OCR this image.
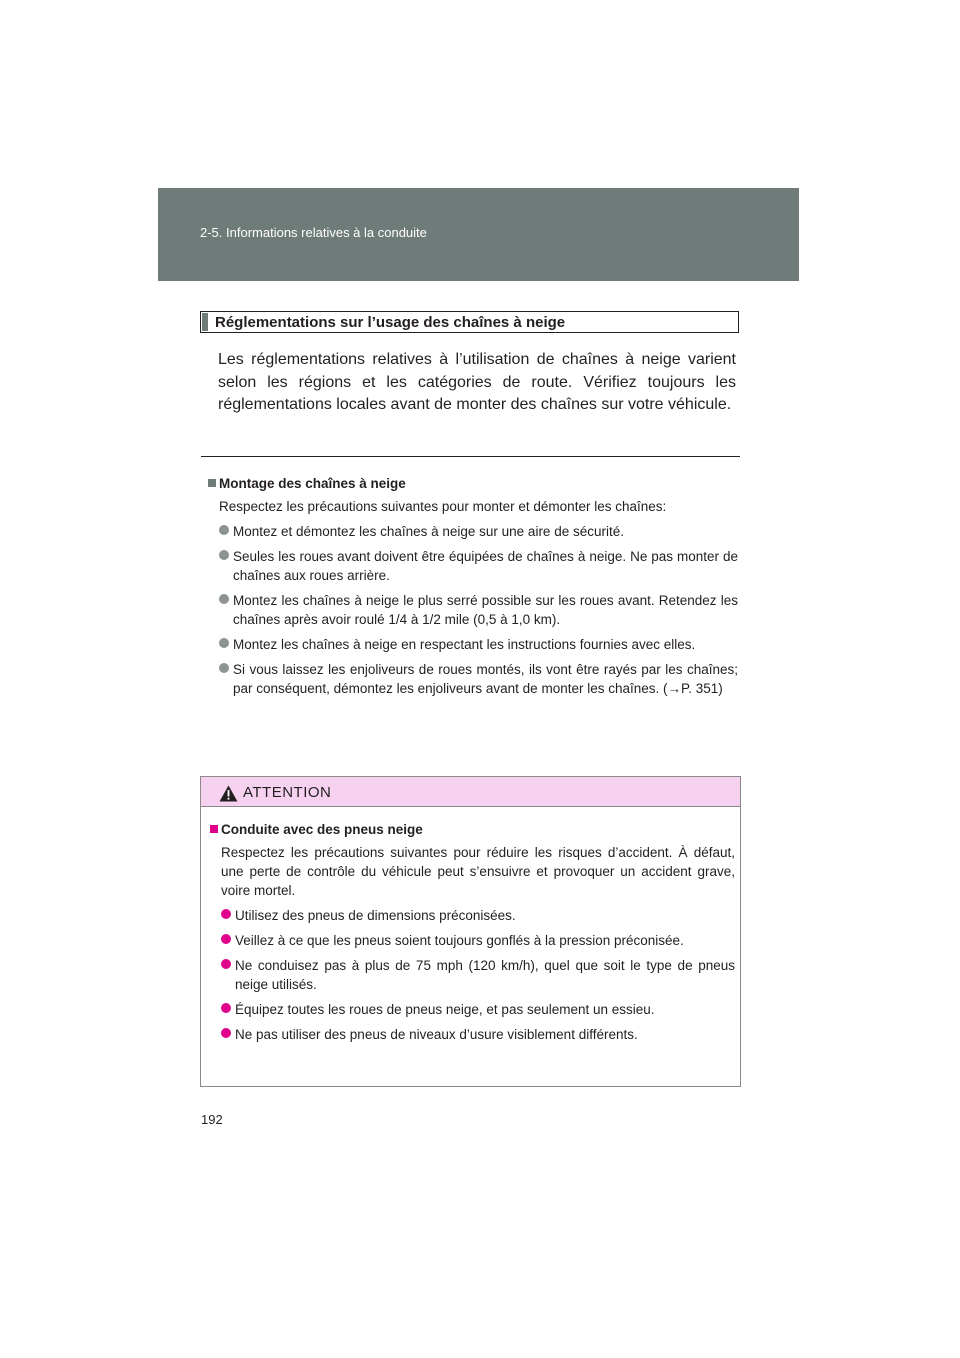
2-5. Informations relatives à la conduite
Réglementations sur l’usage des chaînes à neige
Les réglementations relatives à l’utilisation de chaînes à neige varient selon les régions et les catégories de route. Vérifiez toujours les réglementations locales avant de monter des chaînes sur votre véhicule.
Montage des chaînes à neige
Respectez les précautions suivantes pour monter et démonter les chaînes:
Montez et démontez les chaînes à neige sur une aire de sécurité.
Seules les roues avant doivent être équipées de chaînes à neige. Ne pas monter de chaînes aux roues arrière.
Montez les chaînes à neige le plus serré possible sur les roues avant. Retendez les chaînes après avoir roulé 1/4 à 1/2 mile (0,5 à 1,0 km).
Montez les chaînes à neige en respectant les instructions fournies avec elles.
Si vous laissez les enjoliveurs de roues montés, ils vont être rayés par les chaînes; par conséquent, démontez les enjoliveurs avant de monter les chaînes. (→P. 351)
ATTENTION
Conduite avec des pneus neige
Respectez les précautions suivantes pour réduire les risques d’accident. À défaut, une perte de contrôle du véhicule peut s’ensuivre et provoquer un accident grave, voire mortel.
Utilisez des pneus de dimensions préconisées.
Veillez à ce que les pneus soient toujours gonflés à la pression préconisée.
Ne conduisez pas à plus de 75 mph (120 km/h), quel que soit le type de pneus neige utilisés.
Équipez toutes les roues de pneus neige, et pas seulement un essieu.
Ne pas utiliser des pneus de niveaux d’usure visiblement différents.
192
